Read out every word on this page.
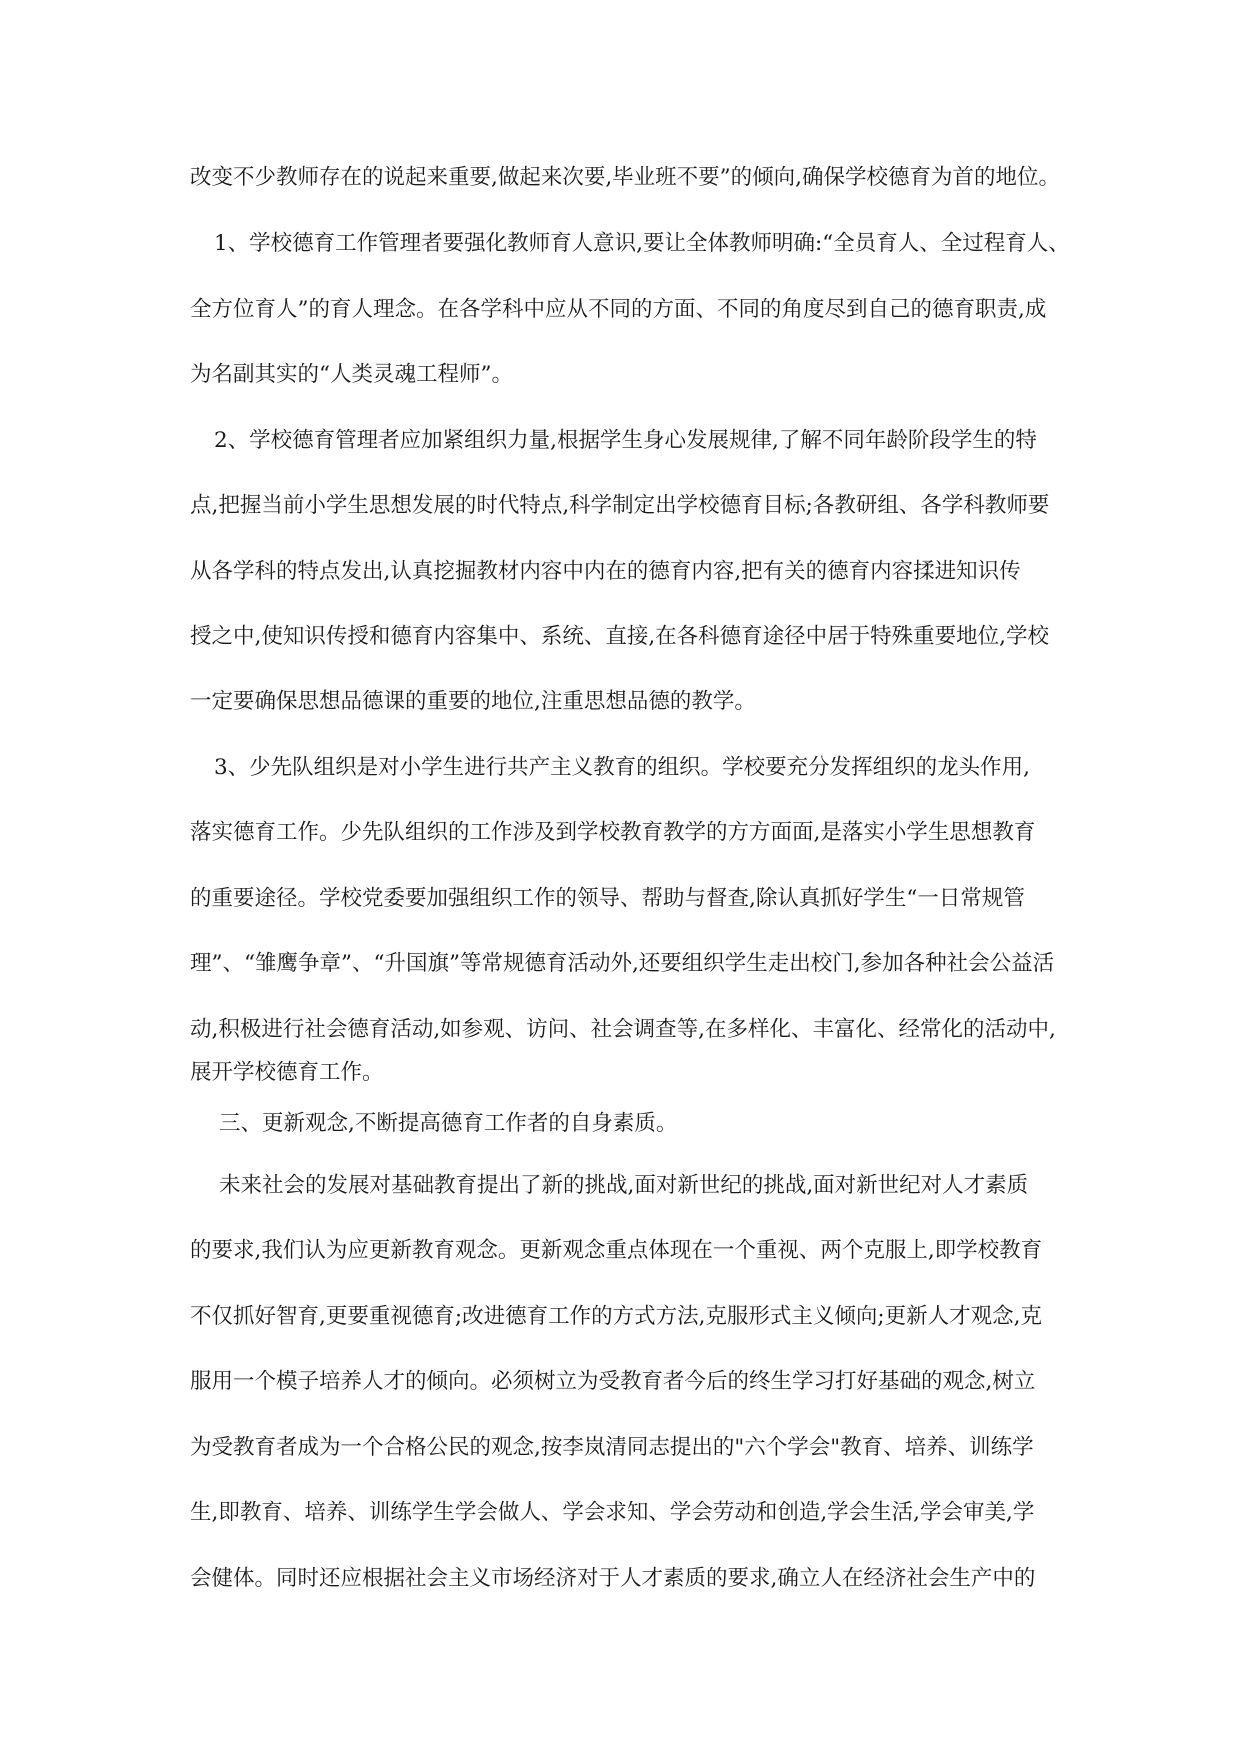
改变不少教师存在的说起来重要,做起来次要,毕业班不要”的倾向,确保学校德育为首的地位。

1、学校德育工作管理者要强化教师育人意识,要让全体教师明确:“全员育人、全过程育人、

全方位育人”的育人理念。在各学科中应从不同的方面、不同的角度尽到自己的德育职责,成

为名副其实的“人类灵魂工程师”。

2、学校德育管理者应加紧组织力量,根据学生身心发展规律,了解不同年龄阶段学生的特

点,把握当前小学生思想发展的时代特点,科学制定出学校德育目标;各教研组、各学科教师要

从各学科的特点发出,认真挖掘教材内容中内在的德育内容,把有关的德育内容揉进知识传

授之中,使知识传授和德育内容集中、系统、直接,在各科德育途径中居于特殊重要地位,学校

一定要确保思想品德课的重要的地位,注重思想品德的教学。

3、少先队组织是对小学生进行共产主义教育的组织。学校要充分发挥组织的龙头作用,

落实德育工作。少先队组织的工作涉及到学校教育教学的方方面面,是落实小学生思想教育

的重要途径。学校党委要加强组织工作的领导、帮助与督查,除认真抓好学生“一日常规管

理”、“雏鹰争章”、“升国旗”等常规德育活动外,还要组织学生走出校门,参加各种社会公益活

动,积极进行社会德育活动,如参观、访问、社会调查等,在多样化、丰富化、经常化的活动中,

展开学校德育工作。

三、更新观念,不断提高德育工作者的自身素质。

未来社会的发展对基础教育提出了新的挑战,面对新世纪的挑战,面对新世纪对人才素质

的要求,我们认为应更新教育观念。更新观念重点体现在一个重视、两个克服上,即学校教育

不仅抓好智育,更要重视德育;改进德育工作的方式方法,克服形式主义倾向;更新人才观念,克

服用一个模子培养人才的倾向。必须树立为受教育者今后的终生学习打好基础的观念,树立

为受教育者成为一个合格公民的观念,按李岚清同志提出的"六个学会"教育、培养、训练学

生,即教育、培养、训练学生学会做人、学会求知、学会劳动和创造,学会生活,学会审美,学

会健体。同时还应根据社会主义市场经济对于人才素质的要求,确立人在经济社会生产中的
